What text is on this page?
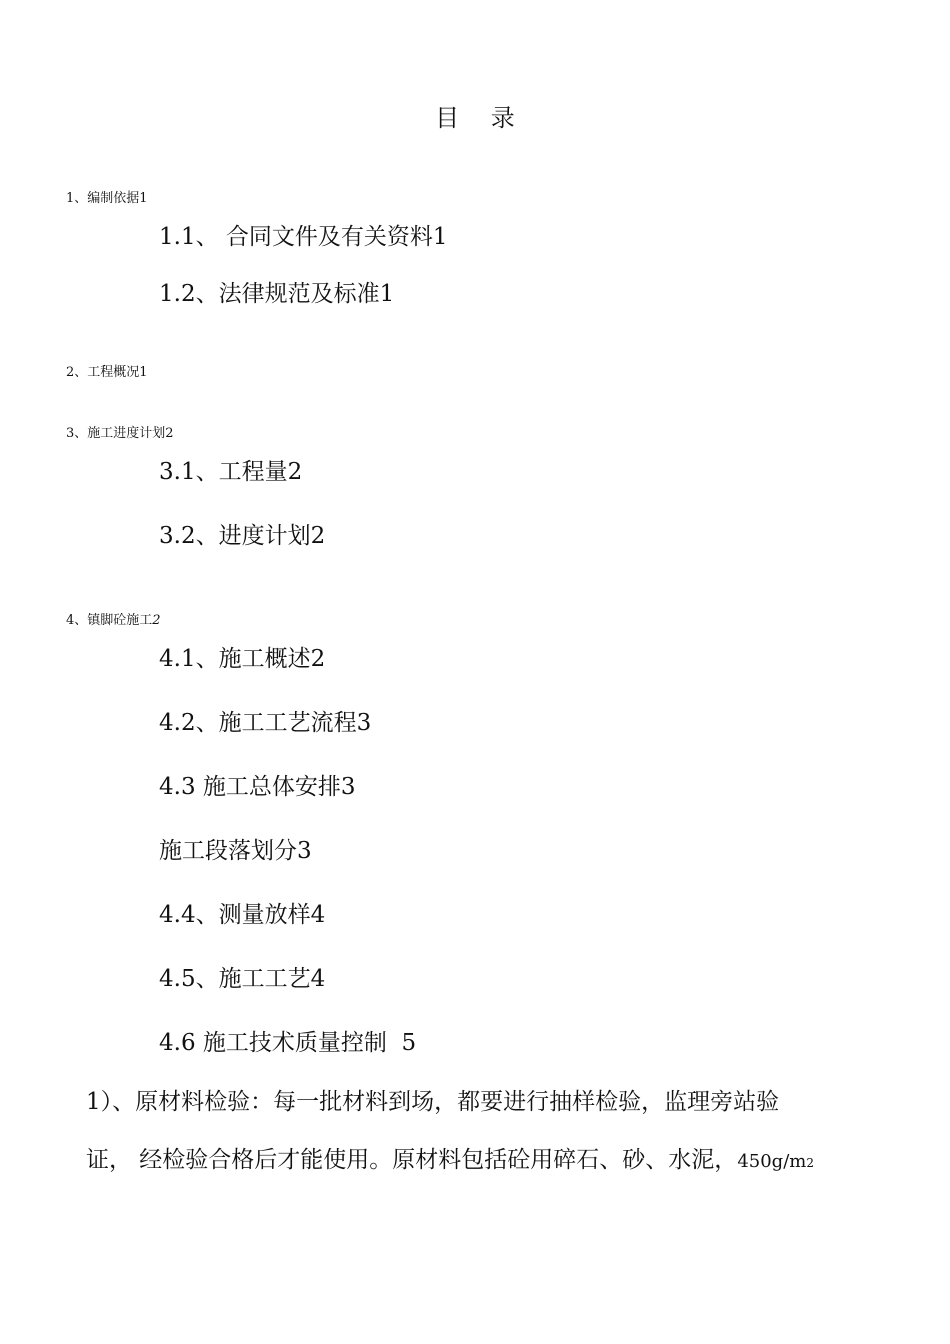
目 录
1、编制依据1
1.1、 合同文件及有关资料1
1.2、法律规范及标准1
2、工程概况1
3、施工进度计划2
3.1、工程量2
3.2、进度计划2
4、镇脚砼施工2
4.1、施工概述2
4.2、施工工艺流程3
4.3 施工总体安排3
施工段落划分3
4.4、测量放样4
4.5、施工工艺4
4.6 施工技术质量控制 5
1）、原材料检验：每一批材料到场，都要进行抽样检验，监理旁站验
证， 经检验合格后才能使用。原材料包括砼用碎石、砂、水泥，450g/m2
